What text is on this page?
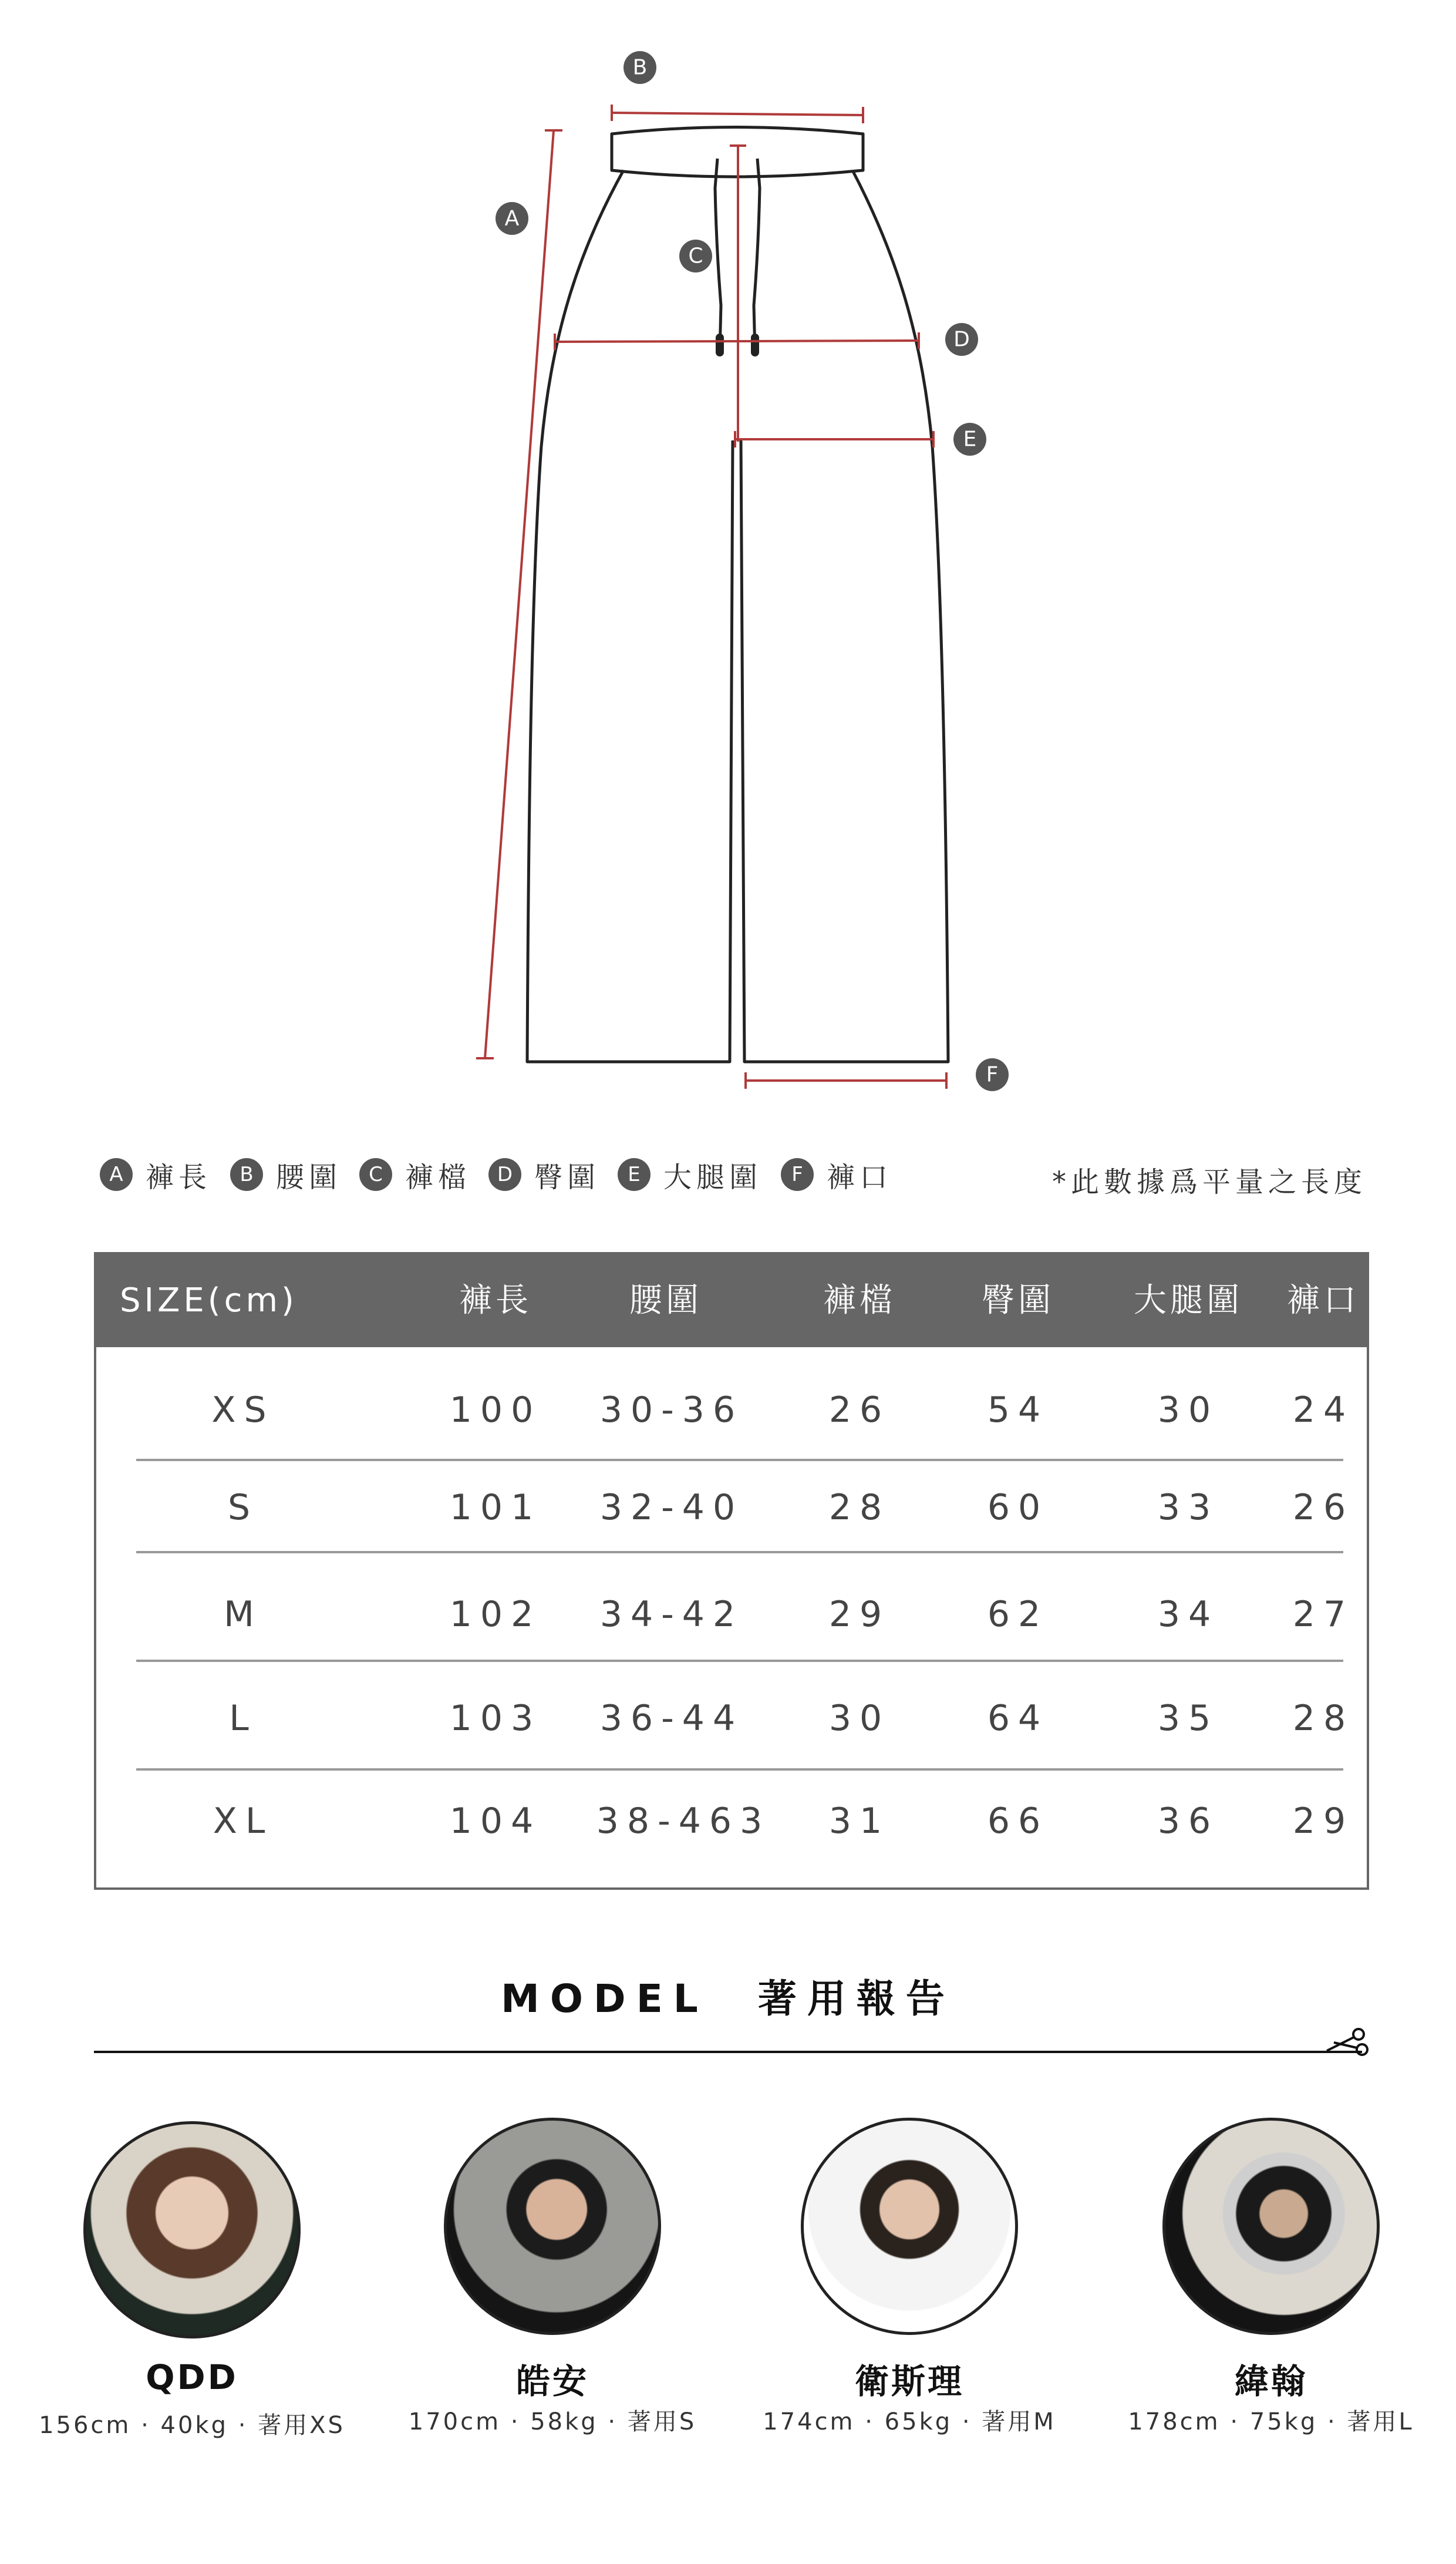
B
A
C
D
E
F
A 褲長	B 腰圍	C 褲檔	D 臀圍	E 大腿圍	F 褲口	*此數據爲平量之長度
SIZE(cm)	褲長	腰圍	褲檔	臀圍	大腿圍	褲口
XS	100	30-36	26	54	30	24
S	101	32-40	28	60	33	26
M	102	34-42	29	62	34	27
L	103	36-44	30	64	35	28
XL	104	38-463	31	66	36	29
MODEL　著用報告
QDD
156cm · 40kg · 著用XS
皓安
170cm · 58kg · 著用S
衛斯理
174cm · 65kg · 著用M
緯翰
178cm · 75kg · 著用L
